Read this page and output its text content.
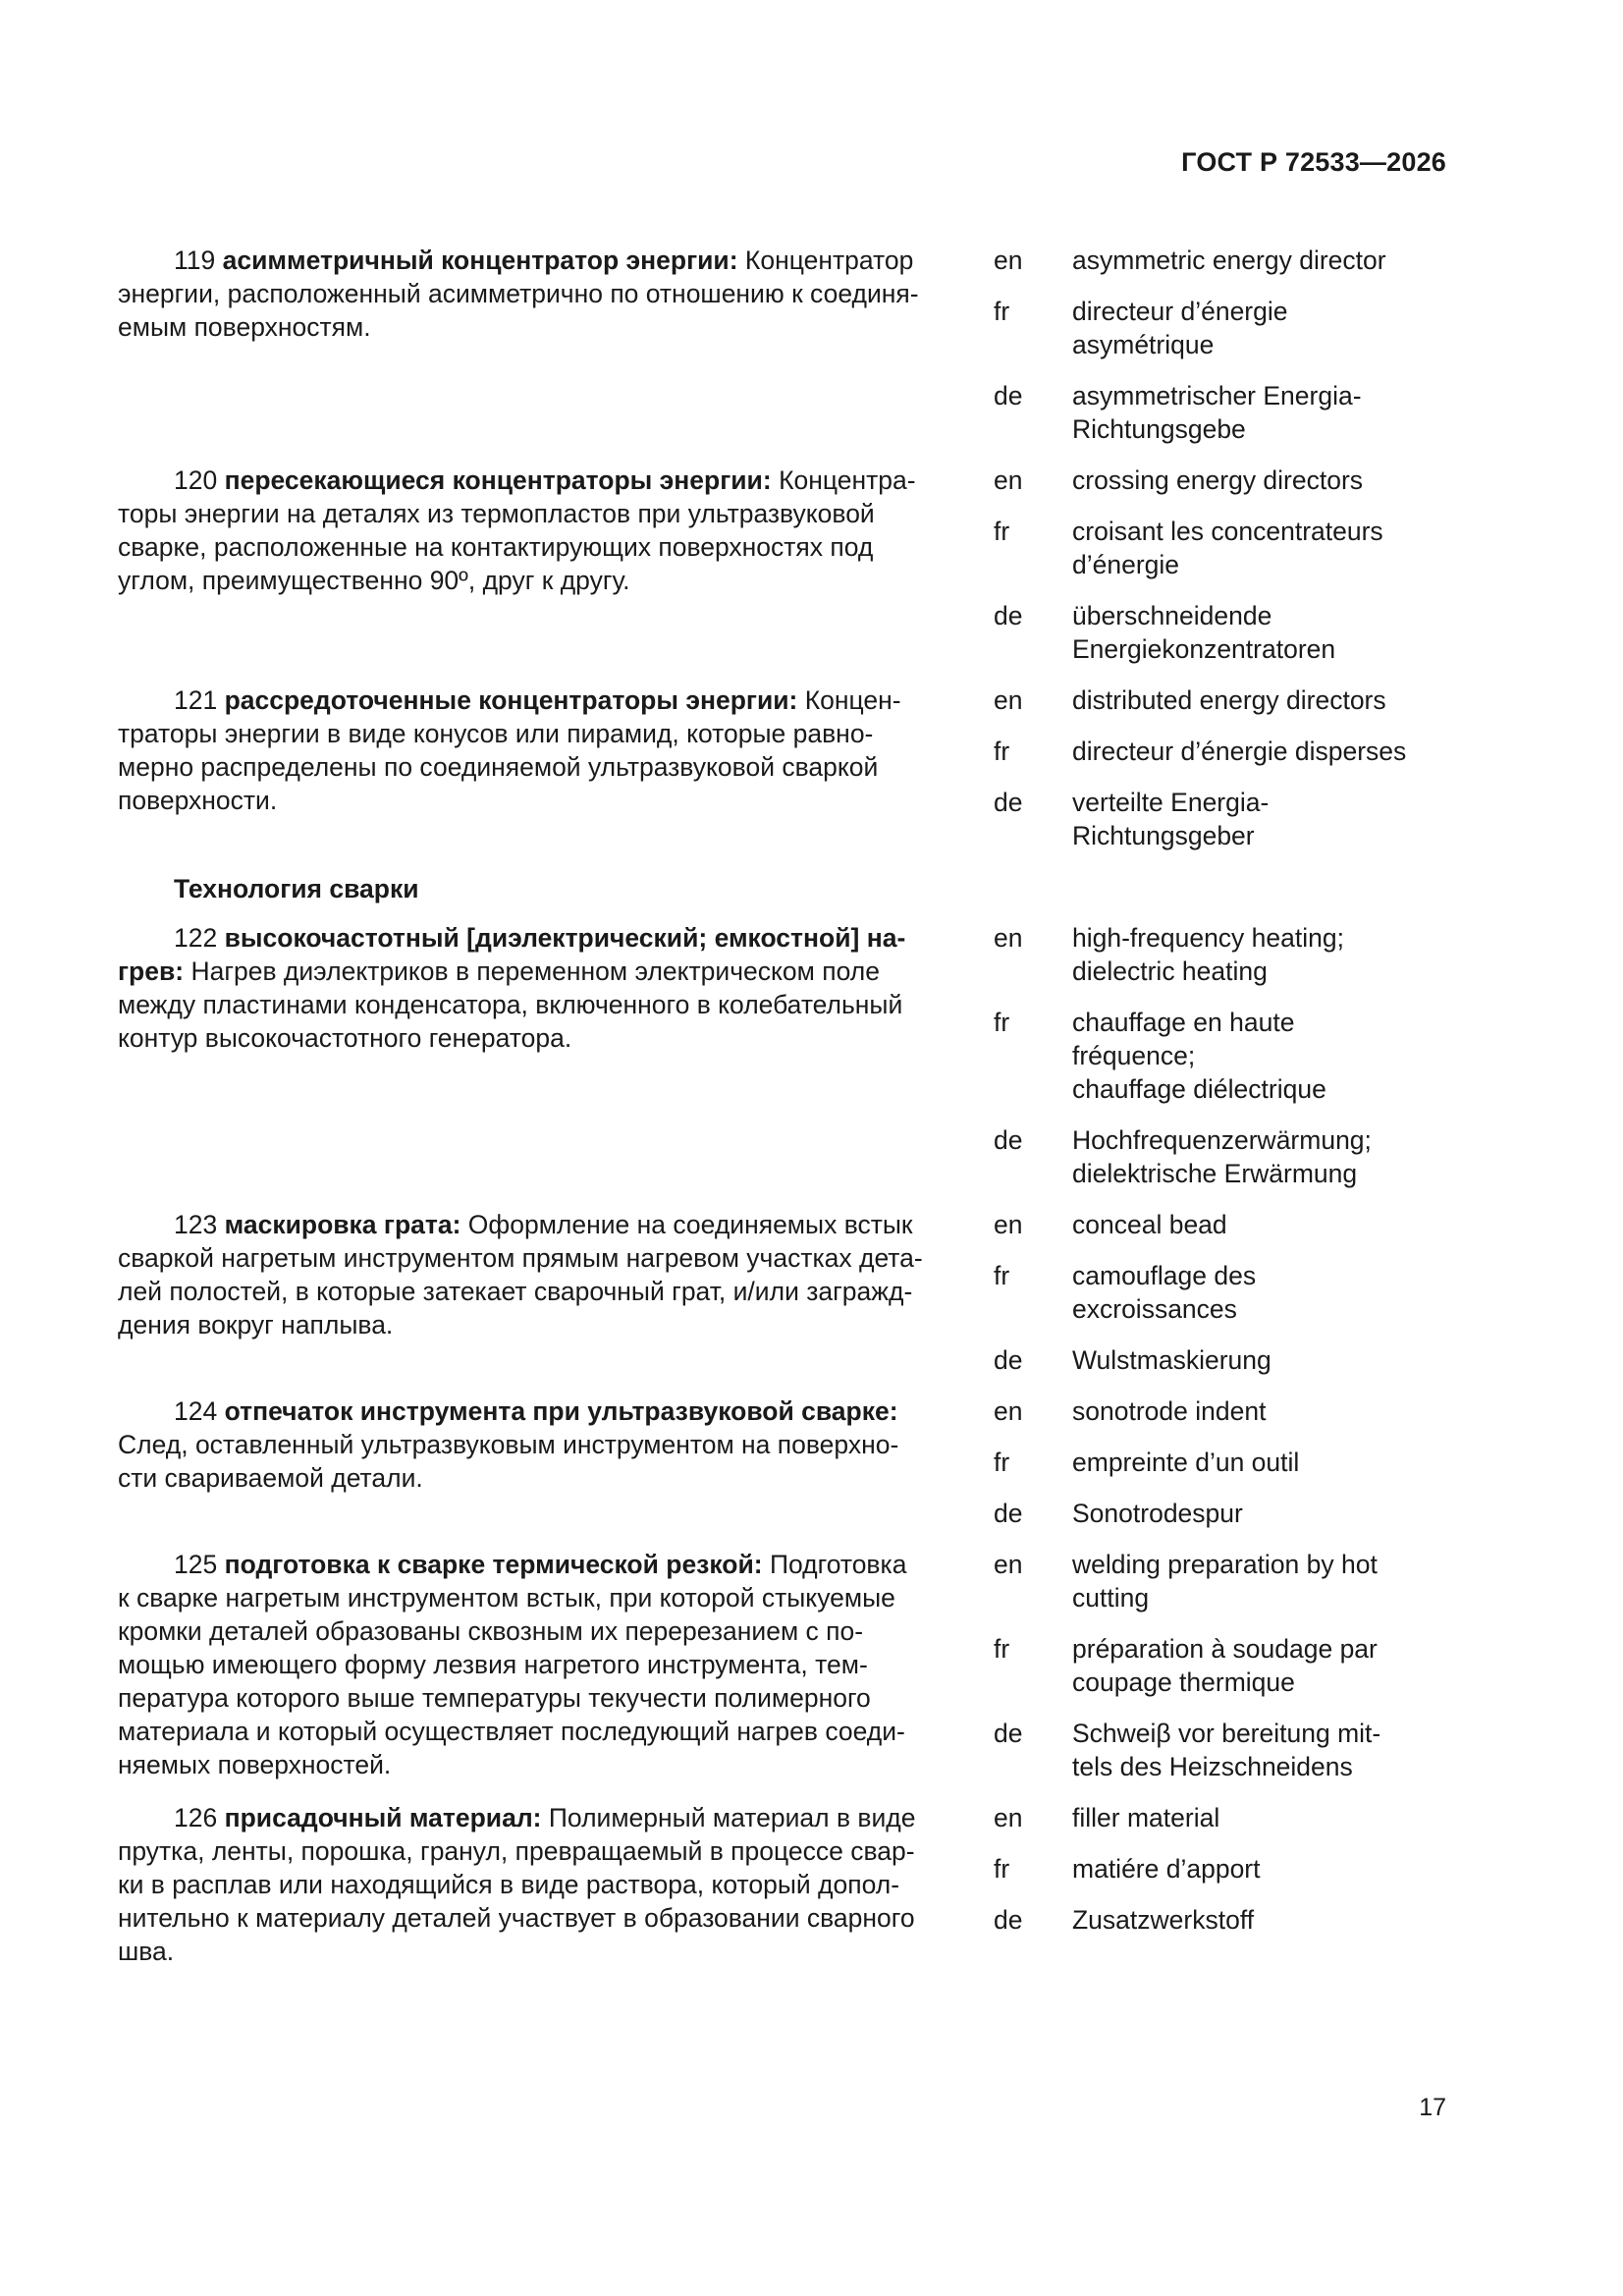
ГОСТ Р 72533—2026
119 асимметричный концентратор энергии: Концентратор
энергии, расположенный асимметрично по отношению к соединя-
емым поверхностям.
en asymmetric energy director
fr directeur d’énergie
asymétrique
de asymmetrischer Energia-
Richtungsgebe
120 пересекающиеся концентраторы энергии: Концентра-
торы энергии на деталях из термопластов при ультразвуковой
сварке, расположенные на контактирующих поверхностях под
углом, преимущественно 90º, друг к другу.
en crossing energy directors
fr croisant les concentrateurs
d’énergie
de überschneidende
Energiekonzentratoren
121 рассредоточенные концентраторы энергии: Концен-
траторы энергии в виде конусов или пирамид, которые равно-
мерно распределены по соединяемой ультразвуковой сваркой
поверхности.
en distributed energy directors
fr directeur d’énergie disperses
de verteilte Energia-
Richtungsgeber
Технология сварки
122 высокочастотный [диэлектрический; емкостной] на-
грев: Нагрев диэлектриков в переменном электрическом поле
между пластинами конденсатора, включенного в колебательный
контур высокочастотного генератора.
en high-frequency heating;
dielectric heating
fr chauffage en haute
fréquence;
chauffage diélectrique
de Hochfrequenzerwärmung;
dielektrische Erwärmung
123 маскировка грата: Оформление на соединяемых встык
сваркой нагретым инструментом прямым нагревом участках дета-
лей полостей, в которые затекает сварочный грат, и/или загражд-
дения вокруг наплыва.
en conceal bead
fr camouflage des
excroissances
de Wulstmaskierung
124 отпечаток инструмента при ультразвуковой сварке:
След, оставленный ультразвуковым инструментом на поверхно-
сти свариваемой детали.
en sonotrode indent
fr empreinte d’un outil
de Sonotrodespur
125 подготовка к сварке термической резкой: Подготовка
к сварке нагретым инструментом встык, при которой стыкуемые
кромки деталей образованы сквозным их перерезанием с по-
мощью имеющего форму лезвия нагретого инструмента, тем-
пература которого выше температуры текучести полимерного
материала и который осуществляет последующий нагрев соеди-
няемых поверхностей.
en welding preparation by hot
cutting
fr préparation à soudage par
coupage thermique
de Schweiβ vor bereitung mit-
tels des Heizschneidens
126 присадочный материал: Полимерный материал в виде
прутка, ленты, порошка, гранул, превращаемый в процессе свар-
ки в расплав или находящийся в виде раствора, который допол-
нительно к материалу деталей участвует в образовании сварного
шва.
en filler material
fr matiére d’apport
de Zusatzwerkstoff
17
